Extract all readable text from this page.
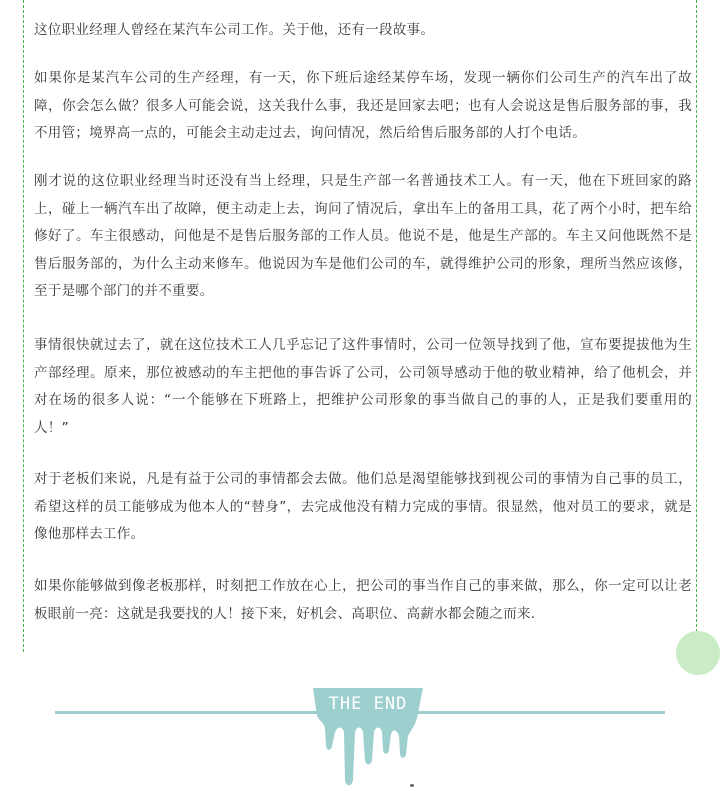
这位职业经理人曾经在某汽车公司工作。关于他，还有一段故事。

如果你是某汽车公司的生产经理，有一天，你下班后途经某停车场，发现一辆你们公司生产的汽车出了故障，你会怎么做？很多人可能会说，这关我什么事，我还是回家去吧；也有人会说这是售后服务部的事，我不用管；境界高一点的，可能会主动走过去，询问情况，然后给售后服务部的人打个电话。

刚才说的这位职业经理当时还没有当上经理，只是生产部一名普通技术工人。有一天，他在下班回家的路上，碰上一辆汽车出了故障，便主动走上去，询问了情况后，拿出车上的备用工具，花了两个小时，把车给修好了。车主很感动，问他是不是售后服务部的工作人员。他说不是，他是生产部的。车主又问他既然不是售后服务部的，为什么主动来修车。他说因为车是他们公司的车，就得维护公司的形象，理所当然应该修，至于是哪个部门的并不重要。

事情很快就过去了，就在这位技术工人几乎忘记了这件事情时，公司一位领导找到了他，宣布要提拔他为生产部经理。原来，那位被感动的车主把他的事告诉了公司，公司领导感动于他的敬业精神，给了他机会，并对在场的很多人说：“一个能够在下班路上，把维护公司形象的事当做自己的事的人，正是我们要重用的人！”

对于老板们来说，凡是有益于公司的事情都会去做。他们总是渴望能够找到视公司的事情为自己事的员工，希望这样的员工能够成为他本人的“替身”，去完成他没有精力完成的事情。很显然，他对员工的要求，就是像他那样去工作。

如果你能够做到像老板那样，时刻把工作放在心上，把公司的事当作自己的事来做，那么，你一定可以让老板眼前一亮：这就是我要找的人！接下来，好机会、高职位、高薪水都会随之而来.

THE END
